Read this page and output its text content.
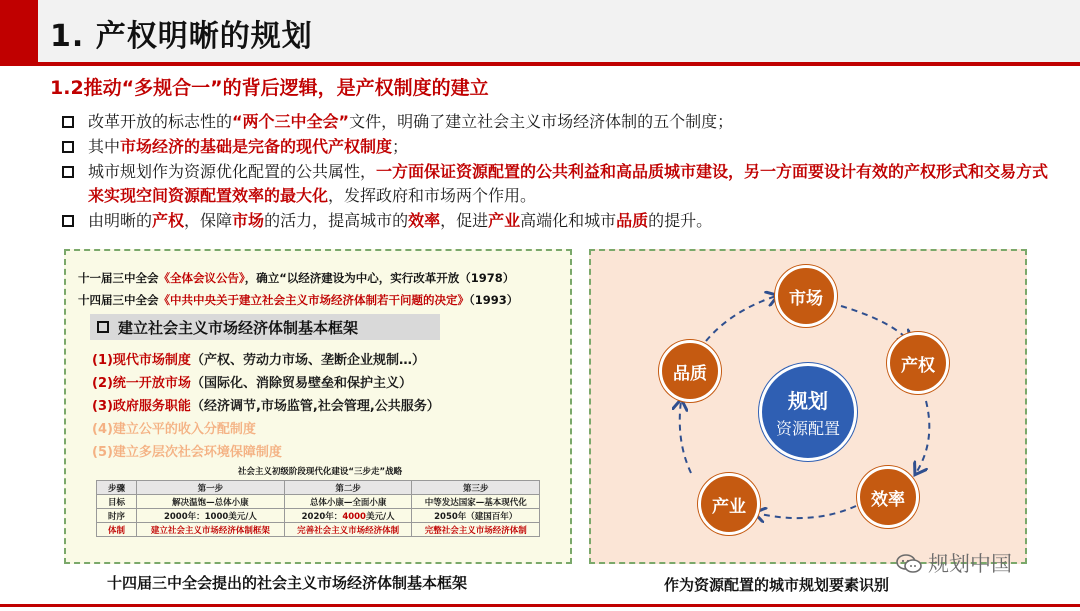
1. 产权明晰的规划
1.2推动“多规合一”的背后逻辑，是产权制度的建立
改革开放的标志性的“两个三中全会”文件，明确了建立社会主义市场经济体制的五个制度；
其中市场经济的基础是完备的现代产权制度；
城市规划作为资源优化配置的公共属性，一方面保证资源配置的公共利益和高品质城市建设，另一方面要设计有效的产权形式和交易方式来实现空间资源配置效率的最大化，发挥政府和市场两个作用。
由明晰的产权，保障市场的活力，提高城市的效率，促进产业高端化和城市品质的提升。
十一届三中全会《全体会议公告》，确立“以经济建设为中心，实行改革开放（1978）
十四届三中全会《中共中央关于建立社会主义市场经济体制若干问题的决定》（1993）
建立社会主义市场经济体制基本框架
(1)现代市场制度（产权、劳动力市场、垄断企业规制…）
(2)统一开放市场（国际化、消除贸易壁垒和保护主义）
(3)政府服务职能（经济调节,市场监管,社会管理,公共服务）
(4)建立公平的收入分配制度
(5)建立多层次社会环境保障制度
社会主义初级阶段现代化建设“三步走”战略
步骤	第一步	第二步	第三步
目标	解决温饱—总体小康	总体小康—全面小康	中等发达国家—基本现代化
时序	2000年：1000美元/人	2020年：4000美元/人	2050年（建国百年）
体制	建立社会主义市场经济体制框架	完善社会主义市场经济体制	完整社会主义市场经济体制
十四届三中全会提出的社会主义市场经济体制基本框架
市场
产权
效率
产业
品质
规划
资源配置
作为资源配置的城市规划要素识别
规划中国
